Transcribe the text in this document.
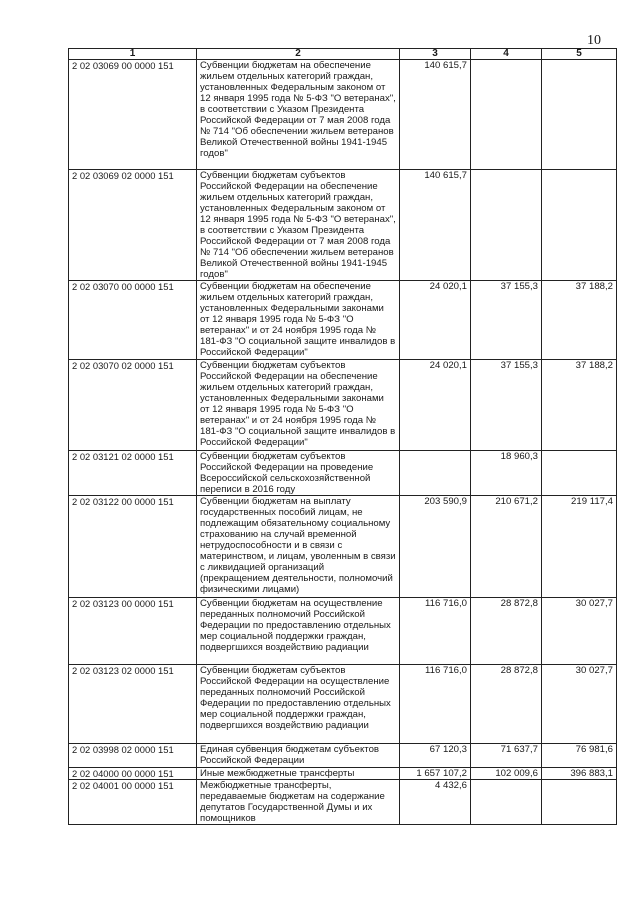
10
1	2	3	4	5
2 02 03069 00 0000 151	Субвенции бюджетам на обеспечение жильем отдельных категорий граждан, установленных Федеральным законом от 12 января 1995 года № 5-ФЗ "О ветеранах", в соответствии с Указом Президента Российской Федерации от 7 мая 2008 года № 714 "Об обеспечении жильем ветеранов Великой Отечественной войны 1941-1945 годов"	140 615,7		
2 02 03069 02 0000 151	Субвенции бюджетам субъектов Российской Федерации на обеспечение жильем отдельных категорий граждан, установленных Федеральным законом от 12 января 1995 года № 5-ФЗ "О ветеранах", в соответствии с Указом Президента Российской Федерации от 7 мая 2008 года № 714 "Об обеспечении жильем ветеранов Великой Отечественной войны 1941-1945 годов"	140 615,7		
2 02 03070 00 0000 151	Субвенции бюджетам на обеспечение жильем отдельных категорий граждан, установленных Федеральными законами от 12 января 1995 года № 5-ФЗ "О ветеранах" и от 24 ноября 1995 года № 181-ФЗ "О социальной защите инвалидов в Российской Федерации"	24 020,1	37 155,3	37 188,2
2 02 03070 02 0000 151	Субвенции бюджетам субъектов Российской Федерации на обеспечение жильем отдельных категорий граждан, установленных Федеральными законами от 12 января 1995 года № 5-ФЗ "О ветеранах" и от 24 ноября 1995 года № 181-ФЗ "О социальной защите инвалидов в Российской Федерации"	24 020,1	37 155,3	37 188,2
2 02 03121 02 0000 151	Субвенции бюджетам субъектов Российской Федерации на проведение Всероссийской сельскохозяйственной переписи в 2016 году		18 960,3	
2 02 03122 00 0000 151	Субвенции бюджетам на выплату государственных пособий лицам, не подлежащим обязательному социальному страхованию на случай временной нетрудоспособности и в связи с материнством, и лицам, уволенным в связи с ликвидацией организаций (прекращением деятельности, полномочий физическими лицами)	203 590,9	210 671,2	219 117,4
2 02 03123 00 0000 151	Субвенции бюджетам на осуществление переданных полномочий Российской Федерации по предоставлению отдельных мер социальной поддержки граждан, подвергшихся воздействию радиации	116 716,0	28 872,8	30 027,7
2 02 03123 02 0000 151	Субвенции бюджетам субъектов Российской Федерации на осуществление переданных полномочий Российской Федерации по предоставлению отдельных мер социальной поддержки граждан, подвергшихся воздействию радиации	116 716,0	28 872,8	30 027,7
2 02 03998 02 0000 151	Единая субвенция бюджетам субъектов Российской Федерации	67 120,3	71 637,7	76 981,6
2 02 04000 00 0000 151	Иные межбюджетные трансферты	1 657 107,2	102 009,6	396 883,1
2 02 04001 00 0000 151	Межбюджетные трансферты, передаваемые бюджетам на содержание депутатов Государственной Думы и их помощников	4 432,6		
